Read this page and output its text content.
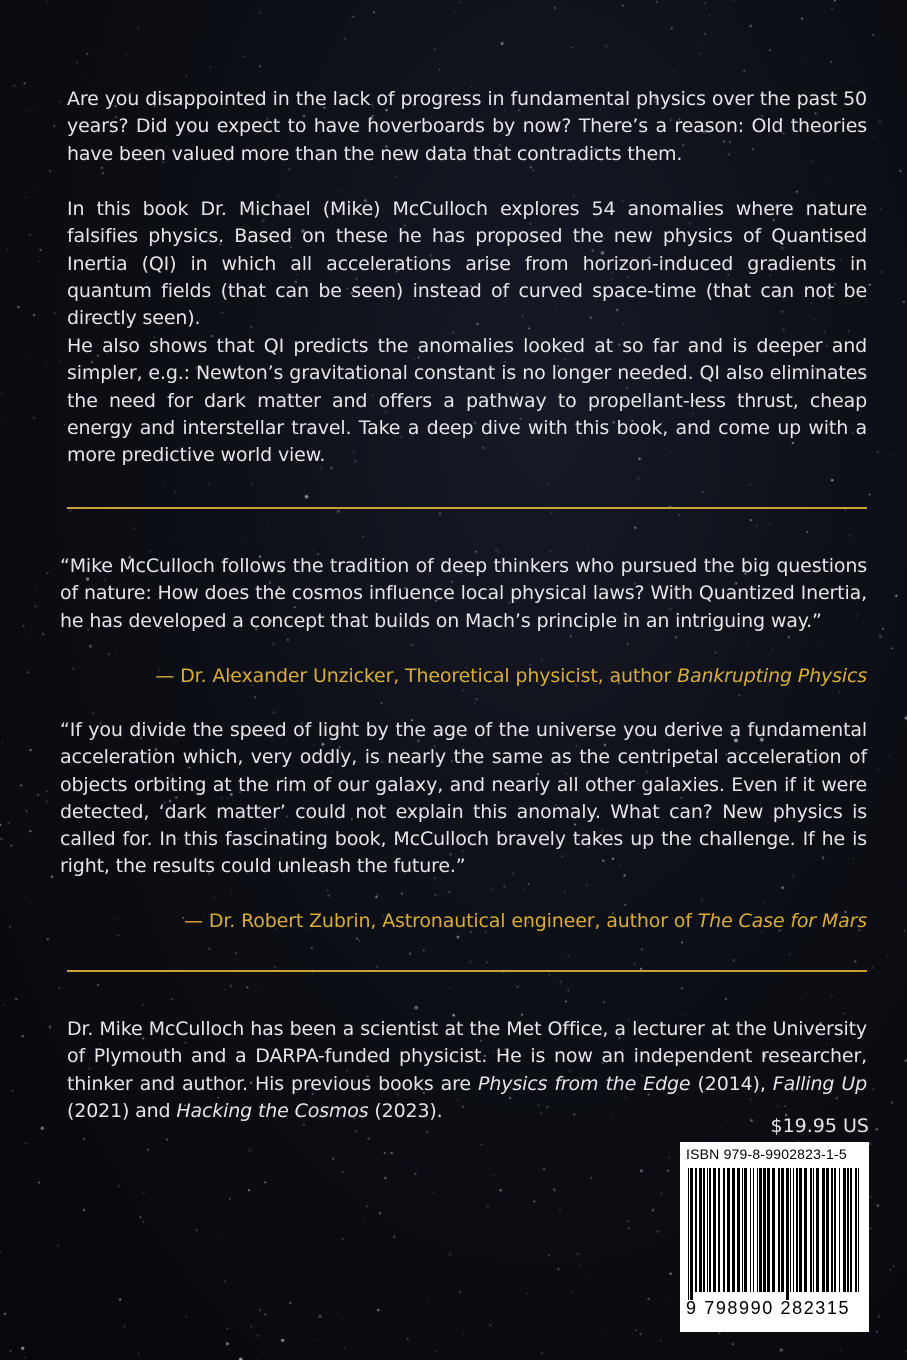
Are you disappointed in the lack of progress in fundamental physics over the past 50 years? Did you expect to have hoverboards by now? There’s a reason: Old theories have been valued more than the new data that contradicts them.

In this book Dr. Michael (Mike) McCulloch explores 54 anomalies where nature falsifies physics. Based on these he has proposed the new physics of Quantised Inertia (QI) in which all accelerations arise from horizon-induced gradients in quantum fields (that can be seen) instead of curved space-time (that can not be directly seen).

He also shows that QI predicts the anomalies looked at so far and is deeper and simpler, e.g.: Newton’s gravitational constant is no longer needed. QI also eliminates the need for dark matter and offers a pathway to propellant-less thrust, cheap energy and interstellar travel. Take a deep dive with this book, and come up with a more predictive world view.

“Mike McCulloch follows the tradition of deep thinkers who pursued the big questions of nature: How does the cosmos influence local physical laws? With Quantized Inertia, he has developed a concept that builds on Mach’s principle in an intriguing way.”

— Dr. Alexander Unzicker, Theoretical physicist, author Bankrupting Physics

“If you divide the speed of light by the age of the universe you derive a fundamental acceleration which, very oddly, is nearly the same as the centripetal acceleration of objects orbiting at the rim of our galaxy, and nearly all other galaxies. Even if it were detected, ‘dark matter’ could not explain this anomaly. What can? New physics is called for. In this fascinating book, McCulloch bravely takes up the challenge. If he is right, the results could unleash the future.”

— Dr. Robert Zubrin, Astronautical engineer, author of The Case for Mars

Dr. Mike McCulloch has been a scientist at the Met Office, a lecturer at the University of Plymouth and a DARPA-funded physicist. He is now an independent researcher, thinker and author. His previous books are Physics from the Edge (2014), Falling Up (2021) and Hacking the Cosmos (2023).

$19.95 US
ISBN 979-8-9902823-1-5
9 798990 282315
